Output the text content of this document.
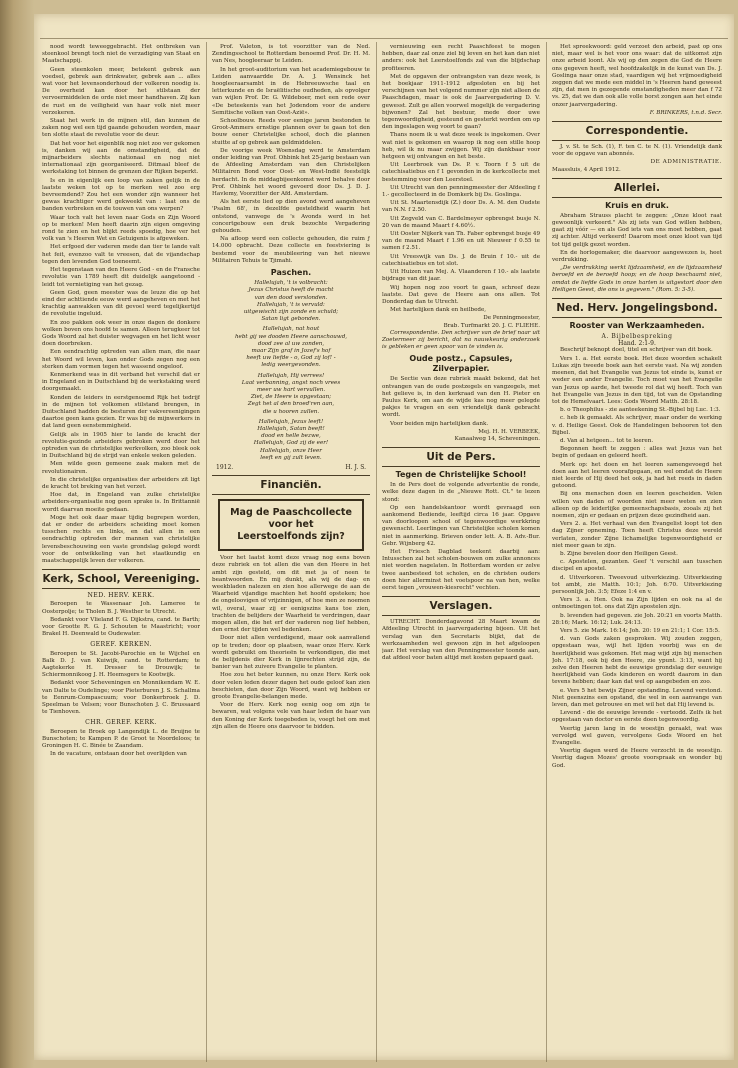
nood wordt teweeggebracht. Het ontbreken van steenkool brengt toch niet de verzadiging van Staat en Maatschappij.

Geen steenkolen meer, betekent gebrek aan voedsel, gebrek aan drinkwater, gebrek aan ... alles wat voor het levensonderhoud der volkeren noodig is. De overheid kan door het stilstaan der vervoermiddelen de orde niet meer handhaven. Zij kan de rust en de veiligheid van haar volk niet meer verzekeren.

Staat het werk in de mijnen stil, dan kunnen de zaken nog wel een tijd gaande gehouden worden, maar ten slotte staat de revolutie voor de deur.

Dat het voor het eigenblik nog niet zoo ver gekomen is, danken wij aan de omstandigheid, dat de mijnarbeiders slechts nationaal en nog niet internationaal zijn georganiseerd. Ditmaal bleef de werkstaking tot binnen de grenzen der Rijken beperkt.

Is en in eigenlijk een loop van zaken gelijk in de laatste weken tot op te merken wel zoo erg bevreemdend? Zou het een wonder zijn wanneer het gewas krachtiger werd gekweekt van : laat ons de banden verbreken en de touwen van ons werpen?

Waar toch valt het leven naar Gods en Zijn Woord op te merken! Men heeft daarin zijn eigen omgeving rond te zien en het blijkt reeds spoedig, hoe ver het volk van 's Heeren Wet en Getuigenis is afgeweken.

Het erfgoed der vaderen mede dan tier te lande valt het feit, evenzoo valt te vreesen, dat de vijandschap tegen den levenden God toeneemt.

Het tegenstaan van den Heere God - en de Fransche revolutie van 1789 heeft dit duidelijk aangetoond - leidt tot vernietiging van het gezag.

Geen God, geen meester was de leuze die op het eind der achttiende eeuw werd aangeheven en met het krachtig aanwakken van dit gevoel werd tegelijkertijd de revolutie ingeluid.

En zoo pakken ook weer in onze dagen de donkere wolken boven ons hoofd te samen. Alleen terugkeer tot Gods Woord zal het duister wegvagen en het licht weer doen doorbreken.

Een eendrachtig optreden van allen man, die naar het Woord wil leven, kan onder Gods zegen nog een sterken dam vormen tegen het wassend ongeloof.

Kenmerkend was in dit verband het verschil dat er in Engeland en in Duitschland bij de werkstaking werd doorgemaakt.

Konden de leiders in eerstgenoemd Rijk het tedrijf in de mijnen tot volkomen stilstand brengen, in Duitschland hadden de besturen der vakvereenigingen daartoe geen kans gezien. Er was bij de mijnwerkers in dat land geen eenstemmigheid.

Gelijk als in 1905 hier te lande de kracht der revolutie-gezinde arbeiders gebroken werd door het optreden van de christelijke werkvolken, zoo bleek ook in Duitschland bij de strijd van enkele weken geleden.

Men wilde geen gemeene zaak maken met de revolutionairen.

In die christelijke organisaties der arbeiders zit ligt de kracht tot breking van het verzet.

Hoe dat, in Engeland van zulke christelijke arbeiders-organisatie nog geen sprake is. In Brittannië wordt daarvan moeite gedaan.

Moge het ook daar maar tijdig begrepen worden, dat er onder de arbeiders scheiding moet komen tusschen rechts en links, en dat allen in een eendrachtig optreden der mannen van christelijke levensbeschouwing een vaste grondslag gelegd wordt voor de ontwikkeling van het staatkundig en maatschappelijk leven der volkeren.

Kerk, School, Vereeniging.
NED. HERV. KERK.

Beroepen te Wassenaar Joh. Lameree te Oosterpolje; te Tholen B. J. Westher te Utrecht.

Bedankt voor Vlieland F. G. Dijkstra, cand. te Barth; voor Grootte R. G. J. Schouten te Maastricht; voor Brakel H. Deenwald te Oudewater.

GEREF. KERKEN.

Beroepen te St. Jacobi-Parochie en te Wijchel en Balk D. J. van Kuiwijk, cand. te Rotterdam; te Aagtekerke H. Dresser te Drouwijk; te Schiermonnikoog J. H. Heemsgers te Kootwijk.

Bedankt voor Scheveningen en Monnikendam W. E. van Dalte te Oudelinge; voor Pieterburen J. S. Schallma te Eenrum-Compascuum; voor Donkerbroek J. D. Speelman te Velsen; voor Bunschoten J. C. Brussaard te Tienhoven.

CHR. GEREF. KERK.

Beroepen te Broek op Langendijk L. de Bruijne te Bunschoten; te Kampen P. de Groot te Noordeloos; te Groningen H. C. Binée te Zaandam.

In de vacature, ontstaan door het overlijden van

Prof. Valeton, is tot voorzitter van de Ned. Zendingsschool te Rotterdam benoemd Prof. Dr. H. M. van Nes, hoogleeraar te Leiden.

In het groot-auditorium van het academiegebouw te Leiden aanvaardde Dr. A. J. Wensinck het hoogleeraarsambt in de Hebreeuwsche taal en letterkunde en de Israëlitische oudheden, als opvolger van wijlen Prof. Dr. G. Wildeboer, met een rede over «De beteekenis van het Jodendom voor de andere Semitische volken van Oost-Azië».

Schoolbouw. Reeds voor eenige jaren bestonden te Groot-Ammers ernstige plannen over te gaan tot den bouw eener Christelijke school, doch die plannen stuitte af op gebrek aan geldmiddelen.

De voorige week Woensdag werd te Amsterdam onder leiding van Prof. Ohbink het 25-jarig bestaan van de Afdeeling Amsterdam van den Christelijken Militairen Bond voor Oost- en West-Indië feestelijk herdacht. In de middagbijeenkomst werd behalve door Prof. Ohbink het woord gevoerd door Ds. J. D. J. Havlemy, Voorzitter der Afd. Amsterdam.

Als het eerste lied op dien avond werd aangeheven 'Psalm 68', in dezelfde gesteldheid waarin het ontstond, vanwege de 's Avonds werd in het concertgebouw een druk bezochte Vergadering gehouden.

Na afloop werd een collecte gehouden, die ruim ƒ 14.000 opbracht. Deze collecte en feestviering is bestemd voor de meubileering van het nieuwe Militairen Tehuis te Tjimahi.

Paschen.
Hallelujah, 't is volbracht:
Jezus Christus heeft de macht
van den dood verslonden.
Hallelujah, 't is vervuld:
uitgewischt zijn zonde en schuld;
Satan ligt gebonden.
Hallelujah, nat hout
hebt gij we dooden Heere aanschouwd,
dood zee al uw zonden,
maar Zijn graf in Jozef's hof
heeft uw liefde - o, God zij lof! -
ledig weergevonden.
Hallelujah, Hij verrees!
Laat verbanning, angst noch vrees
meer uw hart vervullen.
Ziet, de Heere is opgestaan;
Zegt het al den broed'ren aan,
die u hooren zullen.
Hallelujah, Jezus leeft!
Hallelujah, Satan beeft!
dood en helle bezwe,
Hallelujah, God zij de eer!
Hallelujah, onze Heer
leeft en gij zult leven.
1912.	H. J. S.
Financiën.
Mag de Paaschcollecte
voor het
Leerstoelfonds zijn?

Voor het laatst komt deze vraag nog eens boven deze rubriek en tot allen die van den Heere in het ambt zijn gesteld, om dit met ja of neen te beantwoorden. En mij dunkt, als wij de dag- en weekbladen nalezen en zien hoe allerwege de aan de Waarheid vijandige machten het hoofd opsteken; hoe de ongeloovigen of vrijzinnigen, of hoe men ze noemen wil, overal, waar zij er eenigszins kans toe zien, trachten de belijders der Waarheid te verdringen, daar mogen allen, die het erf der vaderen nog lief hebben, den ernst der tijden wel bedenken.

Door niet allen verdedigend, maar ook aanvallend op te treden; door op plaatsen, waar onze Herv. Kerk wordt gebruikt om theorieën te verkondigen, die met de belijdenis dier Kerk in lijnrechten strijd zijn, de banier van het zuivere Evangelie te planten.

Hoe zou het beter kunnen, nu onze Herv. Kerk ook door velen leden dezer dagen het oude geloof kan zien beschieten, dan door Zijn Woord, want wij hebben er groote Evangelie-belangen mede.

Voor de Herv. Kerk nog eenig oog om zijn te bewaren, wat volgens vele van haar leden de haar van den Koning der Kerk toegebeden is, voegt het om met zijn allen de Heere ons daarvoor te bidden.

vernieuwing een recht Paaschfeest te mogen hebben, daar zal onze ziel bij leven en het kan dan niet anders: ook het Leerstoelfonds zal van die blijdschap profiteeren.

Met de opgaven der ontvangsten van deze week, is het boekjaar 1911-1912 afgesloten en bij het verschijnen van het volgend nummer zijn niet alleen de Paaschdagen, maar is ook de Jaarvergadering D. V. gewesst. Zult ge allen voorwel mogelijk de vergadering bijwonen? Zal het bestuur, mede door uwe tegenwoordigheid, gesteund en gesterkt worden om op den ingeslagen weg voort te gaan?

Thans noem ik u wat deze week is ingekomen. Over wat niet is gekomen en waarop ik nog een stille hoop heb, wil ik nu maar zwijgen. Wij zijn dankbaar voor hetgeen wij ontvangen en het beste.

Uit Leerbroek van Ds. P. v. Toorn f 5 uit de catechisatiebus en f 1 gevonden in de kerkcollecte met bestemming voor den Leerstoel.

Uit Utrecht van den penningmeester der Afdeeling f 1.- gecollecteerd in de Domkerk bij Ds. Goslinga.

Uit St. Maartensdijk (Z.) door Ds. A. M. den Oudste van N.N. f 2.50.

Uit Zegveld van C. Bardelmeyer opbrengst busje N. 20 van de maand Maart f 4.60½.

Uit Ooster Nijkerk van Th. Faber opbrengst busje 49 van de maand Maart f 1.96 en uit Nieuwer f 0.55 te samen f 2.51.

Uit Vreeswijk van Ds. J. de Bruin f 10.- uit de catechisatiebus en tot slot.

Uit Huizen van Mej. A. Vlaanderen f 10.- als laatste bijdrage van dit jaar.

Wij hopen nog zoo voort te gaan, schreef deze laatste. Dat geve de Heere aan ons allen. Tot Donderdag dan te Utrecht.

Met hartelijken dank en heilbede,

De Penningmeester,
Brab. Turfmarkt 20. J. C. FLIEHE.

Correspondentie. Den schrijver van de brief naar uit Zoetermeer zij bericht, dat na nauwkeurig onderzoek is gebleken er geen spoor van te vinden is.

Oude postz., Capsules, Zilverpapier.

De Sectie van deze rubriek maakt bekend, dat het ontvangen van de oude postzegels en vangzegels, met het gelieve is, in den kerkraad van den H. Pieter en Paulus Kerk, om aan de wijde kas nog meer gelegde pakjes te vragen en een vriendelijk dank gebracht wordt.

Voor beiden mijn hartelijken dank.

Mej. H. H. VERBEEK,
Kanaalweg 14, Scheveningen.
Uit de Pers.
Tegen de Christelijke School!

In de Pers doet de volgende advertentie de ronde, welke deze dagen in de „Nieuwe Rott. Ct." te lezen stond:

Op een handelskantoor wordt gevraagd een aankomend Bediende, leeftijd circa 16 jaar. Opgave van doorloopen school of tegenwoordige werkkring gewenscht. Leerlingen van Christelijke scholen komen niet in aanmerking. Brieven onder lett. A. B. Adv.-Bur. Gebr. Wijnberg 42.

Het Friesch Dagblad teekent daarbij aan: Intusschen zal het scholen-bouwen om zulke annonces niet worden nagelaten. In Rotterdam worden er zelve twee aanbesteed tot scholen, en de christen ouders doen hier allerminst het voetspoor na van hen, welke eerst tegen „vrouwen-kiesrecht" vechten.

Verslagen.

UTRECHT. Donderdagavond 28 Maart kwam de Afdeeling Utrecht in jaarvergadering bijeen. Uit het verslag van den Secretaris blijkt, dat de werkzaamheden wel gewoon zijn in het afgeloopen jaar. Het verslag van den Penningmeester toonde aan, dat afdeel voor baten altijd met kosten gepaard gaat.

Het spreekwoord: geld verzoet den arbeid, past op ons niet, maar wel is het voor ons waar: dat de uitkomst zijn onze arbeid loont. Als wij op den zegen die God de Heere ons gegeven heeft, wel hoofdzakelijk in de kunst van Ds. J. Goslinga naar onze stad, vaardigen wij het vrijmoedigheid zeggen dat we mede een middel in 's Heeren hand geweest zijn, dat men in gezegende omstandigheden meer dan f 72 vs. 25, dat we dan ook alle volle borst zongen aan het einde onzer jaarvergadering.

F. BRINKERS, t.n.d. Secr.
Correspondentie.

J. v. St. te Sch. (1), F. ten C. te N. (1). Vriendelijk dank voor de opgave van abonnés.

DE ADMINISTRATIE.
Maassluis, 4 April 1912.
Allerlei.
Kruis en druk.

Abraham Strauss placht te zeggen: „Onze kloot raat gewoonlijk verkeerd." Als zij iets van God willen hebben, gaat zij vóór — en als God iets van ons moet hebben, gaat zij achter. Altijd verkeerd! Daarom moet onze kloot van tijd tot tijd gelijk gezet worden.

En de horlogemaker, die daarvoor aangewezen is, heet verdrukking.

„De verdrukking werkt lijdzaamheid, en de lijdzaamheid beroefd en de beroefd hoop; en de hoop beschaamt niet, omdat de liefde Gods in onze harten is uitgestort door den Heiligen Geest, die ons is gegeven." (Rom. 5: 3-5).

Ned. Herv. Jongelingsbond.
Rooster van Werkzaamheden.
A. Bijbelbespreking
Hand. 2:1-9.

Beschrijf beknopt doel, titel en schrijver van dit boek.

Vers 1. a. Het eerste boek. Het deze woorden schakelt Lukas zijn tweede boek aan het eerste vast. Na wij zonden meenen, dat het Evangelie van Jezus tot einde is, kunst er weder een ander Evangelie. Toch moet van het Evangelie van Jezus op aarde, het tweede rol dat wij heeft. Toch van het Evangelie van Jezus in den tijd, tot van de Opstanding tot de Hemelvaart. Lees: Gods Woord Matth. 28:18.

b. o Theophilus - zie aanteekening St.-Bijbel bij Luc. 1:3.

c. heb ik gemaakt. Als schrijver, maar onder de werking v. d. Heilige Geest. Ook de Handelingen behooren tot den Bijbel.

d. Van al hetgeen... tot te leeren.

Begonnen heeft te zeggen : alles wat Jezus van het begin of gedaan en geleerd heeft.

Merk op: het doen en het leeren samengevoegd het doen aan het leeren voorafgegaan, en wel omdat de Heere niet leerde of Hij deed het ook, ja had het reeds in daden getoond.

Bij ons menschen doen en leeren gescheiden. Velen willen van daden of woorden niet meer weten en zien alleen op de leiderlijke gemeenschapsbasis, zooals zij het noemen, zijn er gedaan en prijzen deze gezindheid aan.

Vers 2. a. Het verhaal van den Evangelist loopt tot den dag Zijner opneming. Toen heeft Christus deze wereld verlaten, zonder Zijne lichamelijke tegenwoordigheid er niet meer gaan te zijn.

b. Zijne bevelen door den Heiligen Geest.

c. Apostelen, gezanten. Geef 't verschil aan tusschen discipel en apostel.

d. Uitverkoren. Tweevoud uitverkiezing. Uitverkiezing tot ambt, zie Matth. 10:1; Joh. 6:70. Uitverkiezing persoonlijk Joh. 3:5; Efeze 1:4 en v.

Vers 3. a. Hen. Ook na Zijn lijden en ook na al de ontmoetingen tot. ons dat Zijn apostelen zijn.

b. levenden had gegeven. zie Joh. 20:21 en voorts Matth. 28:16; Mark. 16:12; Luk. 24:13.

Vers 5. zie Mark. 16:14; Joh. 20: 19 en 21:1; 1 Cor. 15:5.

d. van Gods zaken gesproken. Wij zouden zeggen, opgestaan was, wijl het lijden voorbij was en de heerlijkheid was gekomen. Het mag wijd zijn bij menschen Joh. 17:18, ook bij den Heere, zie ypunt. 3:13, want hij zelve den Heeren hebt de eeuwige grondslag der eeuwige heerlijkheid van Gods kinderen en wordt daarom in dan tevens hebben; daar kan dat wel op aangebeden en zoo.

e. Vers 5 het bewijs Zijner opstanding. Levend verstond. Niet geenszins een opstand, die wel in een aanvange van leven, dan met getrouwe en met wil het dat Hij levend is.

Levend - die de eeuwige levende - verteodd. Zelfs ik het opgestaan van doctor en eerste doen tegenwoordig.

Veertig jaren lang in de woestijn geraakt, wat was vervolgd wel gaven, vervolgens Gods Woord en het Evangelie.

Veertig dagen werd de Heere verzocht in de woestijn. Veertig dagen Mozes' groote voorspraak en wonder bij God.
